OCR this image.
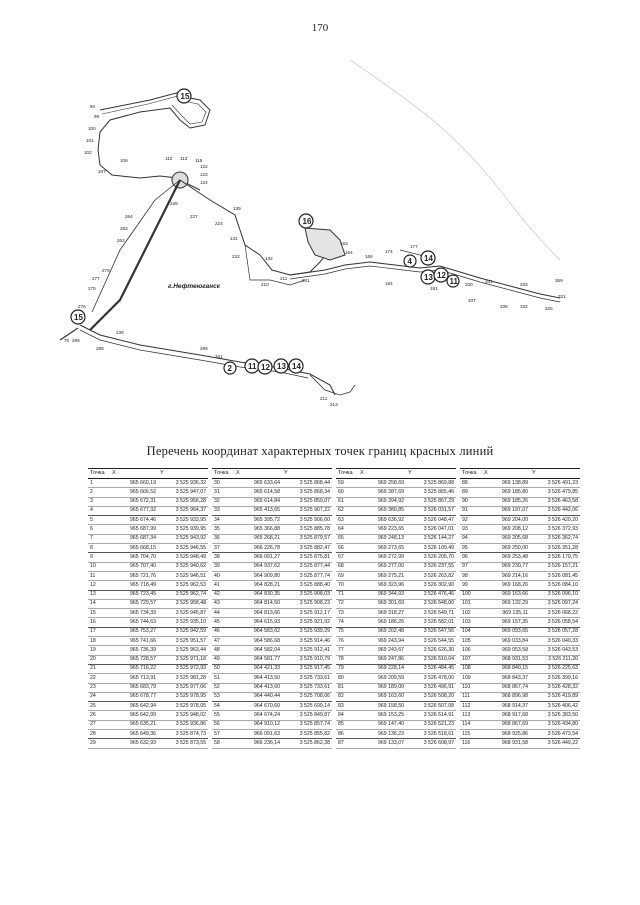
170
15
16
4 14
13 12
11
15
2 11 12 13 14
г.Нефтеюганск
94
99
100
101
102
107
108	112 113 115
122
123
124
228
227
224
139
131
222	132
210
211	231
163
164
168
174
177
184
191
330
331
333
369
321
335	332	325
337
264
263
262
279
277
275
276
70 289
288
239
289
341
211
213
Перечень координат характерных точек границ красных линий
Точка	X	Y
1	965 660,19	3 525 936,32
2	965 666,52	3 525 947,07
3	965 672,31	3 525 956,28
4	965 677,32	3 525 964,37
5	965 674,46	3 525 933,95
6	965 687,99	3 525 939,95
7	965 687,34	3 525 943,92
8	965 668,15	3 525 946,55
9	965 704,70	3 525 948,49
10	965 707,40	3 525 940,62
11	965 721,76	3 525 946,51
12	965 718,49	3 525 962,53
13	965 723,45	3 525 962,74
14	965 729,57	3 525 958,48
15	965 734,33	3 525 945,87
16	965 744,63	3 525 935,10
17	965 753,27	3 525 942,59
18	965 741,66	3 525 951,57
19	965 736,39	3 525 963,44
20	965 728,57	3 525 971,18
21	965 716,22	3 525 972,93
22	965 713,91	3 525 981,28
23	965 683,79	3 525 977,66
24	965 678,77	3 525 978,95
25	965 642,94	3 525 978,05
26	965 642,99	3 525 948,02
27	965 635,21	3 525 936,86
28	965 649,36	3 525 874,73
29	965 632,93	3 525 873,55
Точка	X	Y
30	965 633,64	3 525 868,44
31	965 614,58	3 525 868,34
32	965 614,84	3 525 859,07
33	965 413,65	3 525 907,22
34	965 395,72	3 525 906,60
35	965 366,88	3 525 885,78
36	965 268,21	3 525 879,57
37	966 226,78	3 525 882,47
38	966 091,27	3 525 875,81
39	964 937,62	3 525 877,44
40	964 909,80	3 525 877,74
41	964 828,21	3 525 888,40
42	964 830,35	3 525 908,03
43	964 814,50	3 525 908,23
44	964 813,66	3 525 912,17
45	964 615,93	3 525 921,92
46	964 583,62	3 525 939,29
47	964 586,68	3 525 914,46
48	964 582,04	3 525 912,41
49	964 581,77	3 525 910,79
50	964 421,33	3 525 917,45
51	964 413,50	3 525 733,61
52	964 413,60	3 525 733,61
53	964 440,44	3 525 708,06
54	964 670,60	3 525 699,14
55	964 674,24	3 525 849,87
56	964 910,12	3 525 857,74
57	966 091,63	3 525 855,82
58	966 236,14	3 525 862,38
Точка	X	Y
59	969 258,69	3 525 869,88
60	969 387,69	3 525 865,46
61	969 394,92	3 525 867,29
62	969 380,85	3 526 031,57
63	969 636,92	3 526 048,47
64	969 223,65	3 526 047,01
65	969 248,13	3 526 144,27
66	969 273,65	3 526 109,49
67	969 272,99	3 526 205,70
68	969 277,00	3 526 237,55
69	969 275,21	3 526 263,82
70	969 323,96	3 526 302,90
71	969 344,93	3 526 476,46
72	969 301,69	3 526 548,00
73	969 318,27	3 526 549,71
74	969 186,26	3 526 582,01
75	969 202,48	3 526 547,56
76	969 243,94	3 526 544,55
77	969 243,67	3 526 626,30
78	969 247,86	3 526 510,04
79	969 228,14	3 526 484,45
80	969 209,59	3 526 478,00
81	969 189,00	3 526 496,91
82	969 163,60	3 526 508,20
83	969 158,50	3 526 507,08
84	969 153,25	3 526 514,91
85	969 147,40	3 526 521,23
86	969 136,23	3 526 518,61
87	969 133,07	3 526 608,97
Точка	X	Y
88	969 138,89	3 526 491,23
89	969 185,80	3 526 479,85
90	969 185,26	3 526 463,58
91	969 197,07	3 526 442,06
92	969 204,00	3 526 420,20
93	969 208,12	3 526 372,93
94	969 205,68	3 526 362,74
95	969 250,00	3 526 351,28
96	969 253,48	3 526 170,75
97	969 230,77	3 526 157,21
98	969 214,16	3 526 081,45
99	969 168,26	3 526 084,10
100	969 163,66	3 526 096,10
101	969 132,29	3 526 097,24
102	969 135,11	3 526 068,22
103	969 157,35	3 526 058,54
104	969 093,65	3 526 057,28
105	969 033,84	3 526 040,33
106	969 053,58	3 526 043,53
107	968 931,53	3 526 211,20
108	968 840,15	3 526 225,63
109	968 843,37	3 526 399,16
110	968 867,74	3 526 428,32
111	968 896,98	3 526 419,89
112	968 914,37	3 526 406,42
113	968 917,68	3 526 383,50
114	968 867,69	3 526 434,80
115	968 925,86	3 526 473,54
116	968 931,58	3 526 449,22
